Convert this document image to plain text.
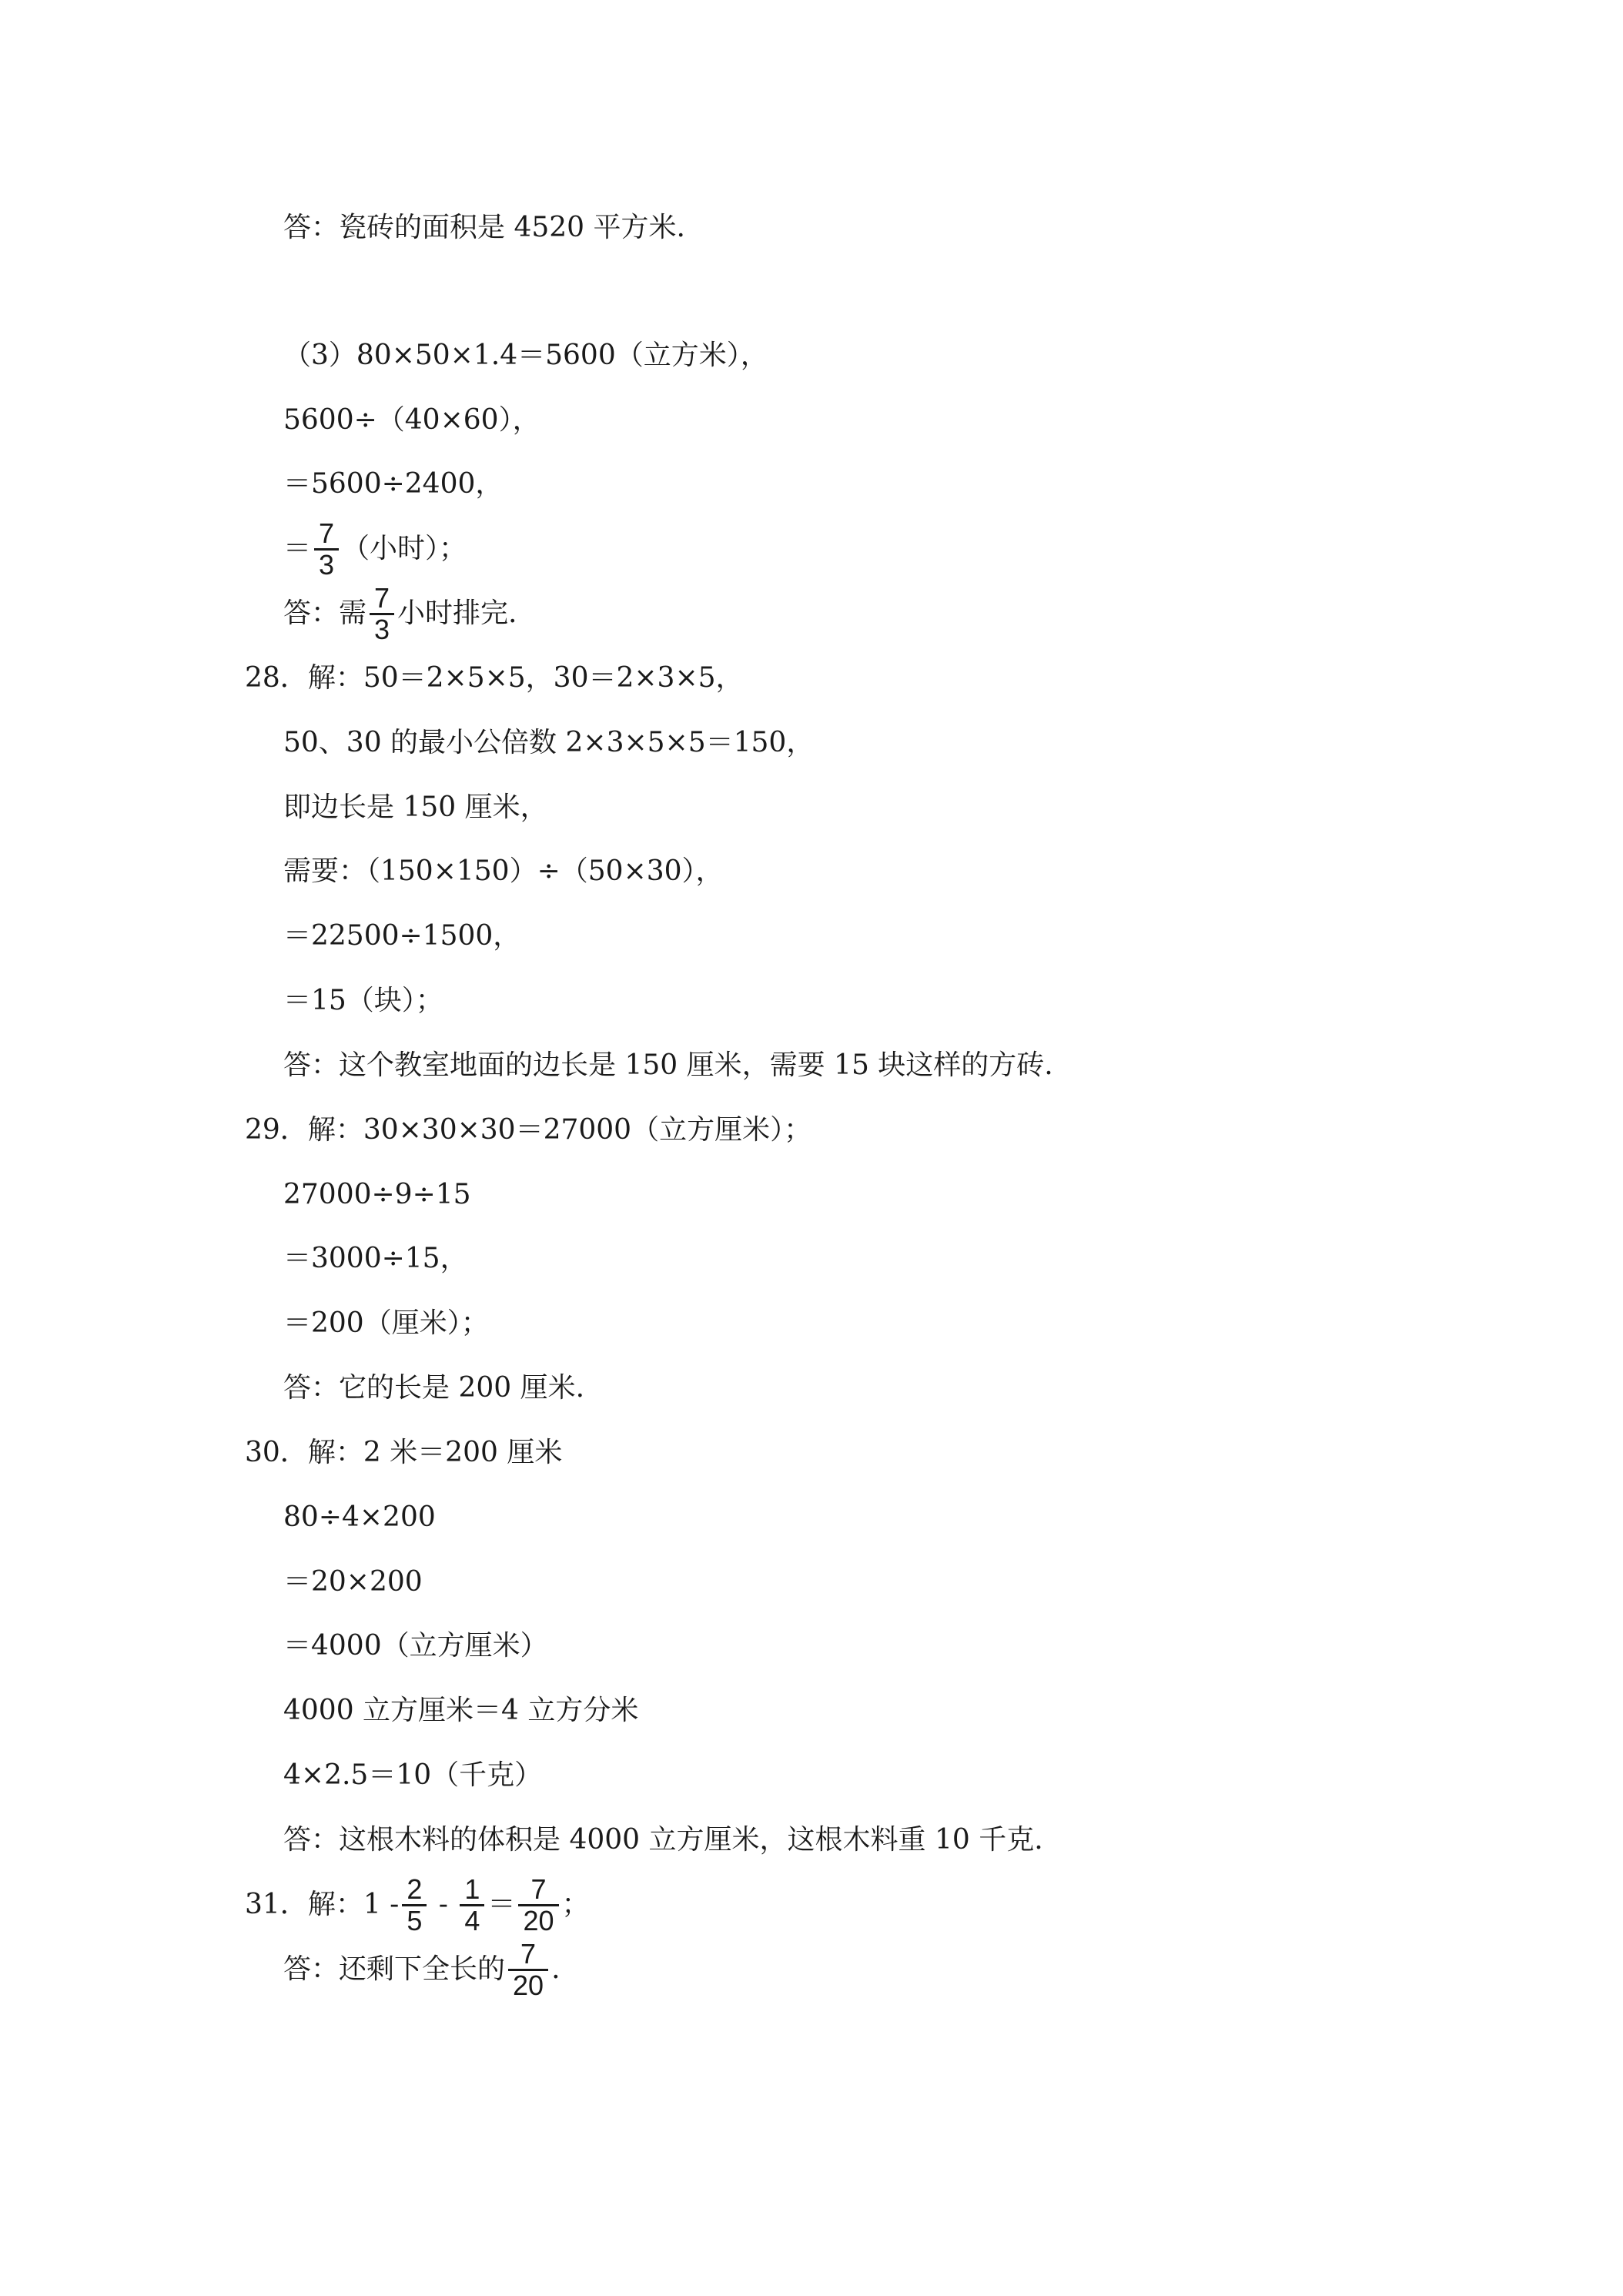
答：瓷砖的面积是 4520 平方米.
（3）80×50×1.4＝5600（立方米），
5600÷（40×60），
＝5600÷2400，
＝ $\frac{7}{3}$ （小时）；
答：需 $\frac{7}{3}$ 小时排完.
28． 解：50＝2×5×5，30＝2×3×5，
50、30 的最小公倍数 2×3×5×5＝150，
即边长是 150 厘米，
需要：（150×150）÷（50×30），
＝22500÷1500，
＝15（块）；
答：这个教室地面的边长是 150 厘米，需要 15 块这样的方砖.
29． 解：30×30×30＝27000（立方厘米）；
27000÷9÷15
＝3000÷15，
＝200（厘米）；
答：它的长是 200 厘米.
30． 解：2 米＝200 厘米
80÷4×200
＝20×200
＝4000（立方厘米）
4000 立方厘米＝4 立方分米
4×2.5＝10（千克）
答：这根木料的体积是 4000 立方厘米，这根木料重 10 千克.
31． 解：$1 - \frac{2}{5} - \frac{1}{4} = \frac{7}{20}$ ；
答：还剩下全长的 $\frac{7}{20}$ .
